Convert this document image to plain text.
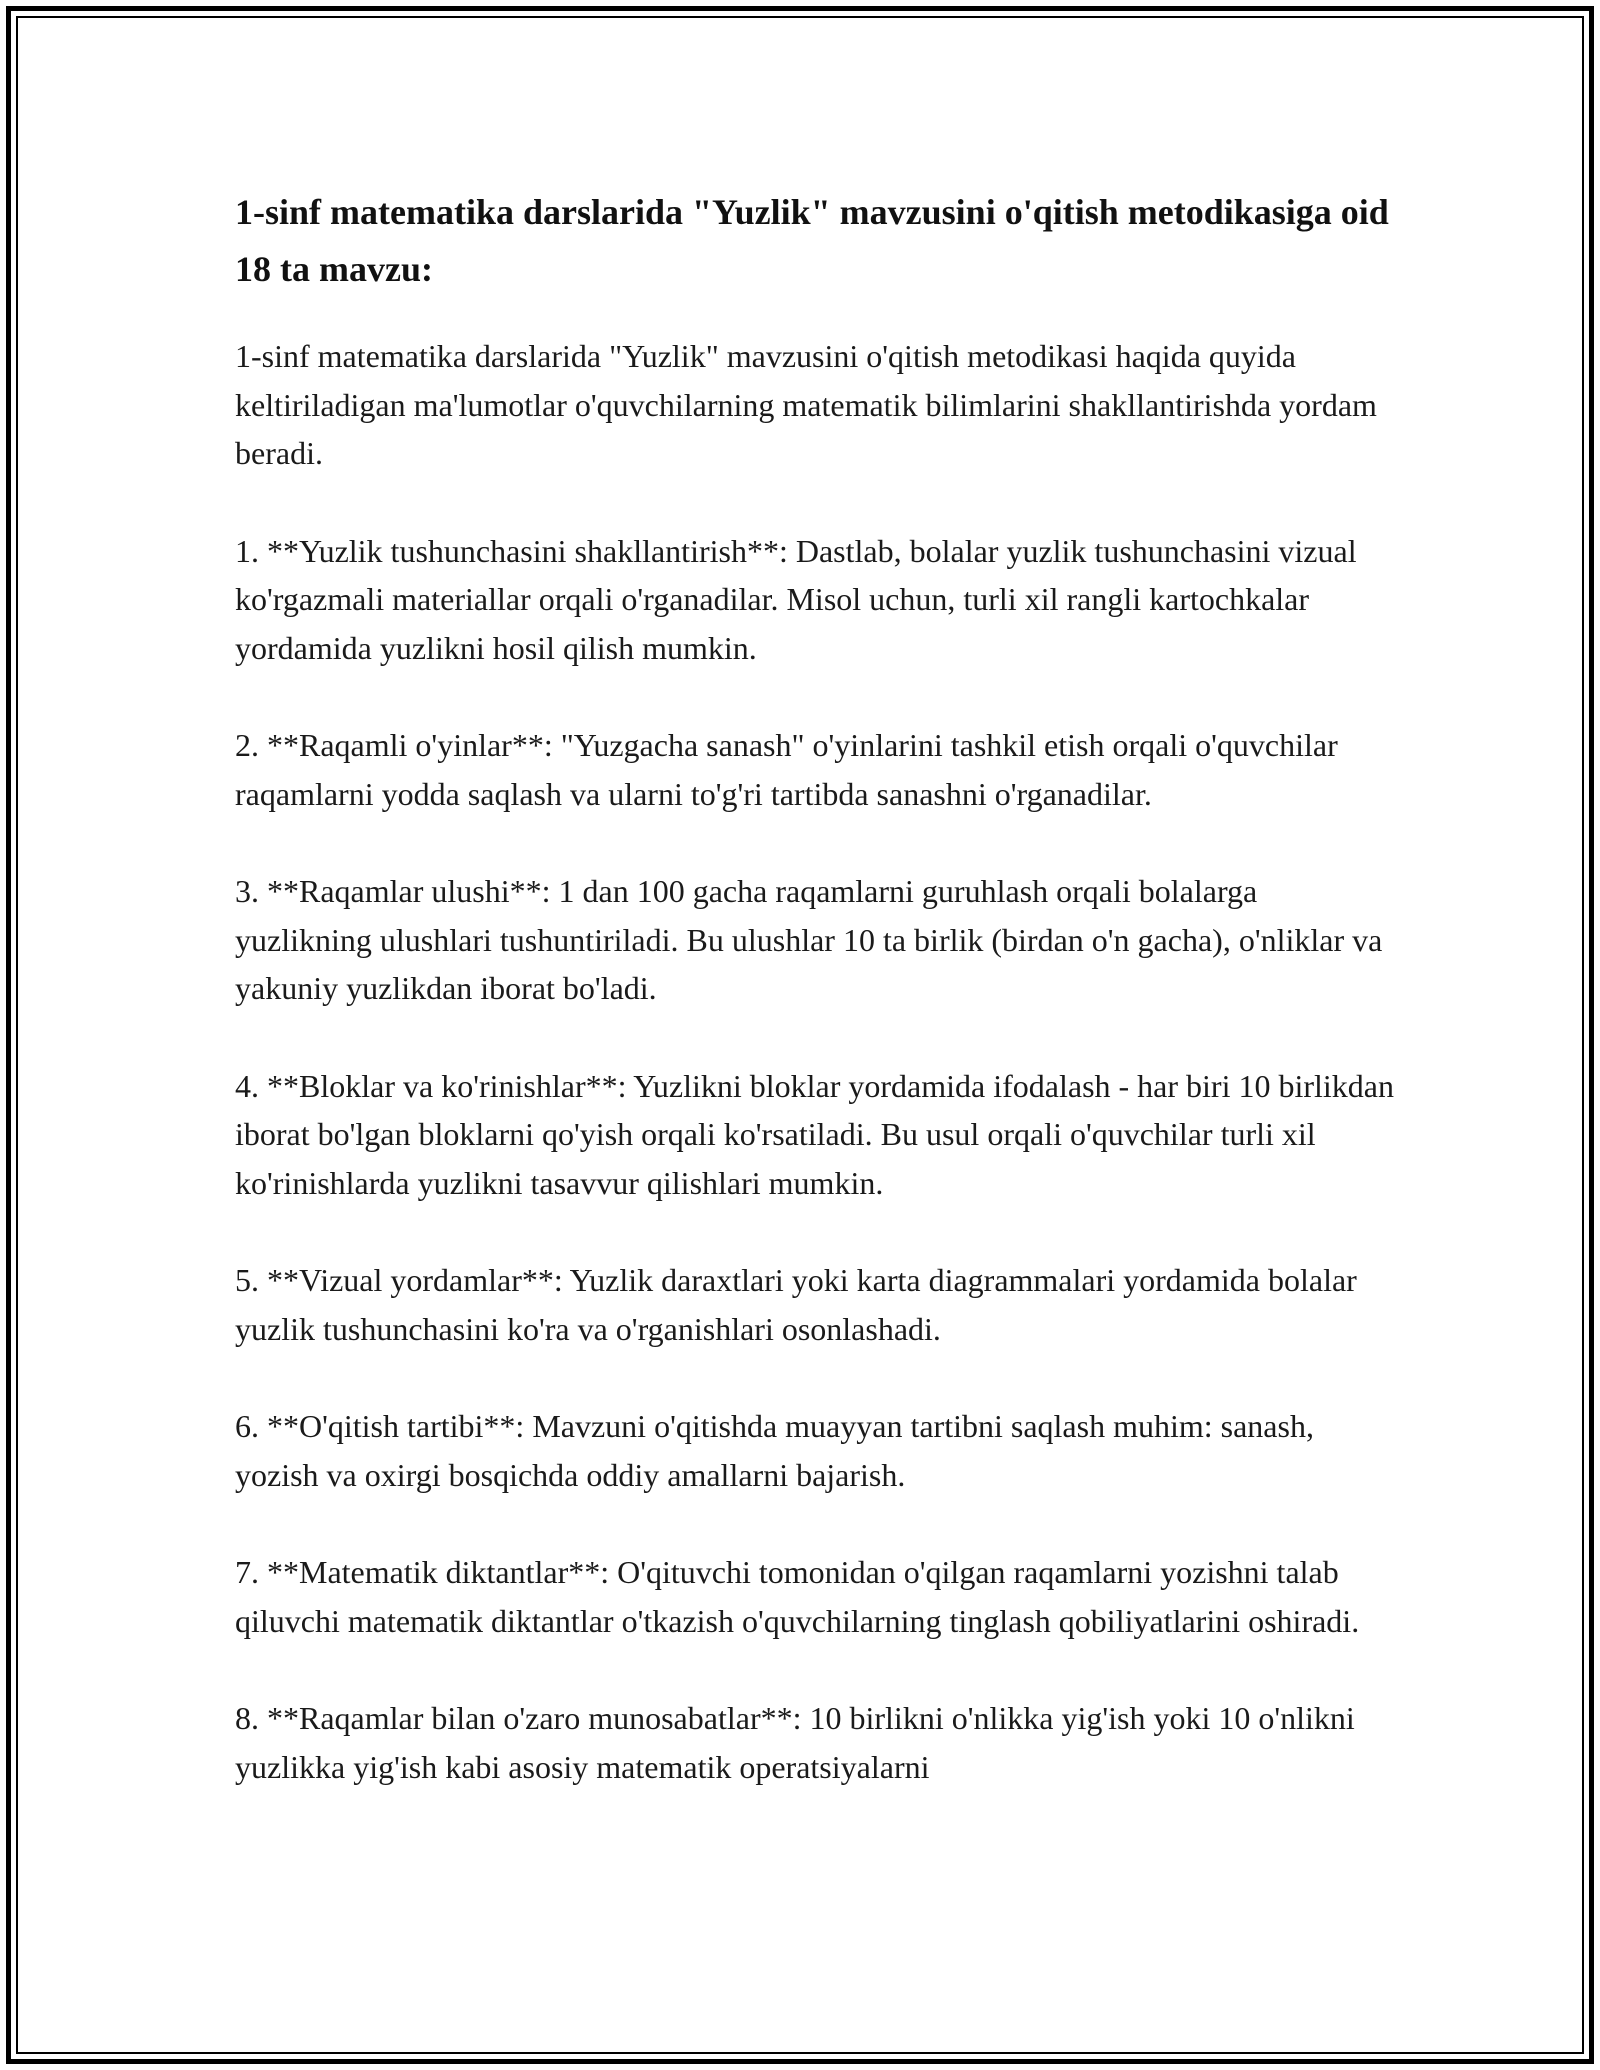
1-sinf matematika darslarida "Yuzlik" mavzusini o'qitish metodikasiga oid 18 ta mavzu:

1-sinf matematika darslarida "Yuzlik" mavzusini o'qitish metodikasi haqida quyida keltiriladigan ma'lumotlar o'quvchilarning matematik bilimlarini shakllantirishda yordam beradi.

1. **Yuzlik tushunchasini shakllantirish**: Dastlab, bolalar yuzlik tushunchasini vizual ko'rgazmali materiallar orqali o'rganadilar. Misol uchun, turli xil rangli kartochkalar yordamida yuzlikni hosil qilish mumkin.

2. **Raqamli o'yinlar**: "Yuzgacha sanash" o'yinlarini tashkil etish orqali o'quvchilar raqamlarni yodda saqlash va ularni to'g'ri tartibda sanashni o'rganadilar.

3. **Raqamlar ulushi**: 1 dan 100 gacha raqamlarni guruhlash orqali bolalarga yuzlikning ulushlari tushuntiriladi. Bu ulushlar 10 ta birlik (birdan o'n gacha), o'nliklar va yakuniy yuzlikdan iborat bo'ladi.

4. **Bloklar va ko'rinishlar**: Yuzlikni bloklar yordamida ifodalash - har biri 10 birlikdan iborat bo'lgan bloklarni qo'yish orqali ko'rsatiladi. Bu usul orqali o'quvchilar turli xil ko'rinishlarda yuzlikni tasavvur qilishlari mumkin.

5. **Vizual yordamlar**: Yuzlik daraxtlari yoki karta diagrammalari yordamida bolalar yuzlik tushunchasini ko'ra va o'rganishlari osonlashadi.

6. **O'qitish tartibi**: Mavzuni o'qitishda muayyan tartibni saqlash muhim: sanash, yozish va oxirgi bosqichda oddiy amallarni bajarish.

7. **Matematik diktantlar**: O'qituvchi tomonidan o'qilgan raqamlarni yozishni talab qiluvchi matematik diktantlar o'tkazish o'quvchilarning tinglash qobiliyatlarini oshiradi.

8. **Raqamlar bilan o'zaro munosabatlar**: 10 birlikni o'nlikka yig'ish yoki 10 o'nlikni yuzlikka yig'ish kabi asosiy matematik operatsiyalarni
